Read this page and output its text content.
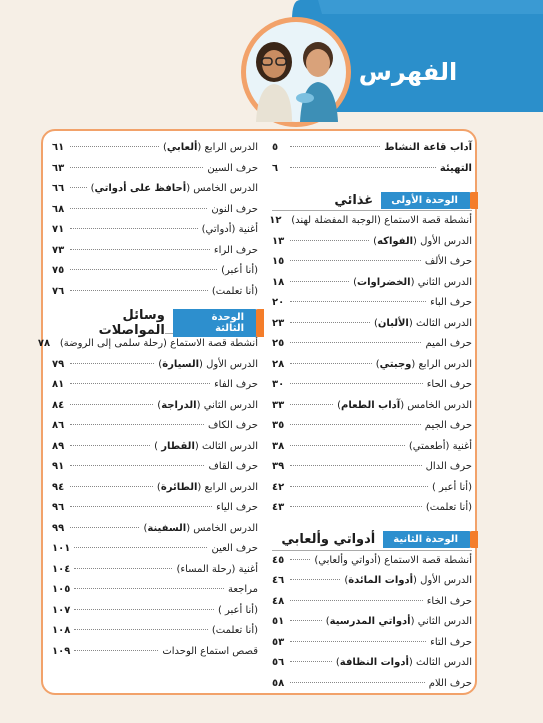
الفهرس
آداب قاعة النشاط
٥
التهيئة
٦
الوحدة الأولى
غذائي
أنشطة قصة الاستماع (الوجبة المفضلة لهند)
١٢
الدرس الأول (الفواكه)
١٣
حرف الألف
١٥
الدرس الثاني (الخضراوات)
١٨
حرف الباء
٢٠
الدرس الثالث (الألبان)
٢٣
حرف الميم
٢٥
الدرس الرابع (وجبتي)
٢٨
حرف الحاء
٣٠
الدرس الخامس (آداب الطعام)
٣٣
حرف الجيم
٣٥
أغنية (أطعمتي)
٣٨
حرف الدال
٣٩
(أنا أعبر )
٤٢
(أنا تعلمت)
٤٣
الوحدة الثانية
أدواتي وألعابي
أنشطة قصة الاستماع (أدواتي وألعابي)
٤٥
الدرس الأول (أدوات المائدة)
٤٦
حرف الخاء
٤٨
الدرس الثاني (أدواتي المدرسية)
٥١
حرف التاء
٥٣
الدرس الثالث (أدوات النظافة)
٥٦
حرف اللام
٥٨
الدرس الرابع (ألعابي)
٦١
حرف السين
٦٣
الدرس الخامس (أحافظ على أدواتي)
٦٦
حرف النون
٦٨
أغنية (أدواتي)
٧١
حرف الراء
٧٣
(أنا أعبر)
٧٥
(أنا تعلمت)
٧٦
الوحدة الثالثة
وسائل المواصلات
أنشطة قصة الاستماع (رحلة سلمى إلى الروضة)
٧٨
الدرس الأول (السيارة)
٧٩
حرف الفاء
٨١
الدرس الثاني (الدراجة)
٨٤
حرف الكاف
٨٦
الدرس الثالث (القطار )
٨٩
حرف القاف
٩١
الدرس الرابع (الطائرة)
٩٤
حرف الياء
٩٦
الدرس الخامس (السفينة)
٩٩
حرف العين
١٠١
أغنية (رحلة المساء)
١٠٤
مراجعة
١٠٥
(أنا أعبر )
١٠٧
(أنا تعلمت)
١٠٨
قصص استماع الوحدات
١٠٩
